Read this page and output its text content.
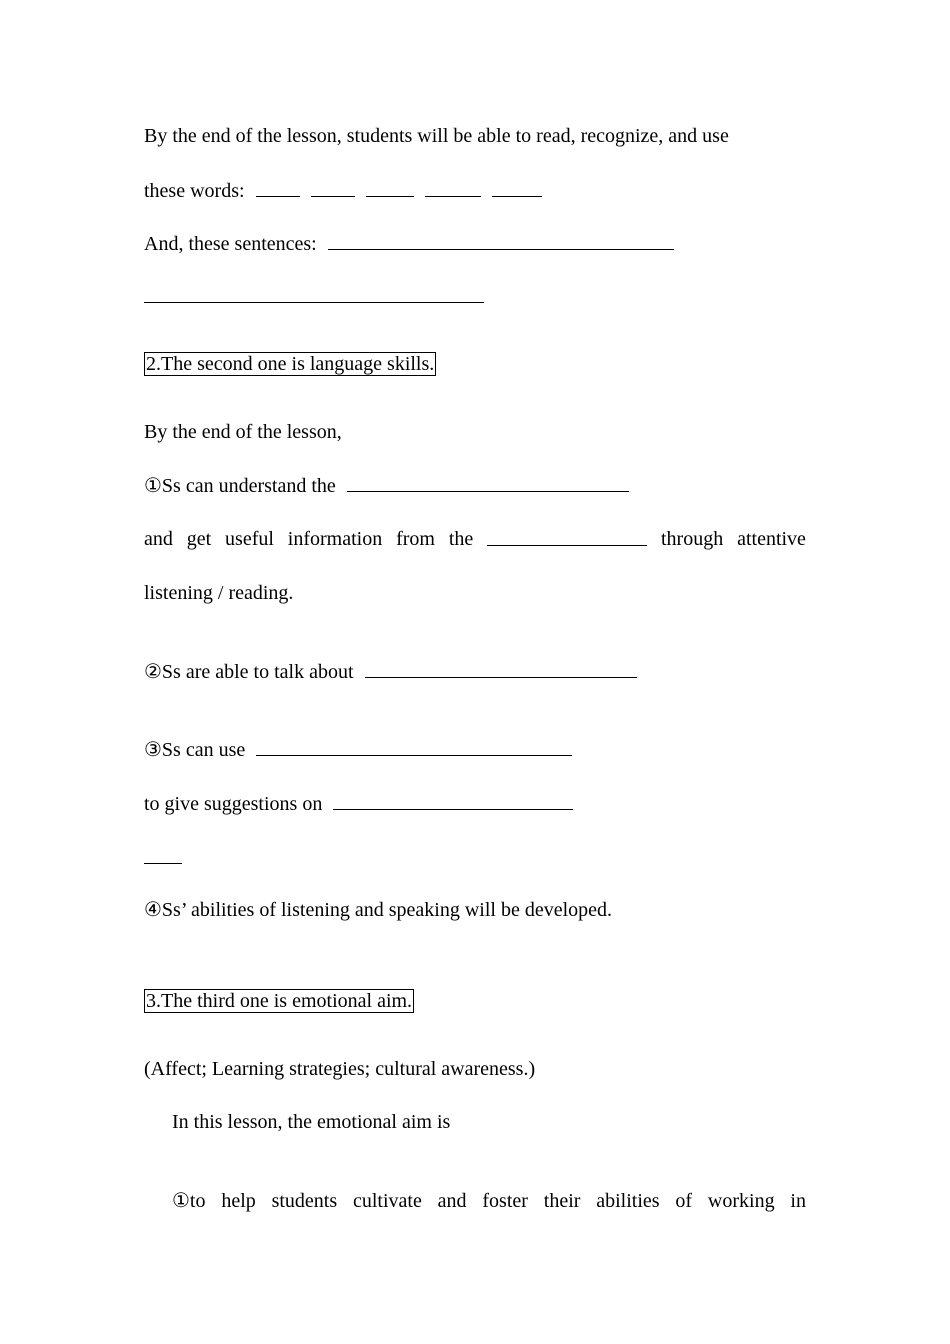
By the end of the lesson, students will be able to read, recognize, and use
these words:
And, these sentences:
2.The second one is language skills.
By the end of the lesson,
①Ss can understand the
and get useful information from the	through attentive
listening / reading.
②Ss are able to talk about
③Ss can use
to give suggestions on
④Ss’ abilities of listening and speaking will be developed.
3.The third one is emotional aim.
(Affect; Learning strategies; cultural awareness.)
In this lesson, the emotional aim is
①to help students cultivate and foster their abilities of working in
